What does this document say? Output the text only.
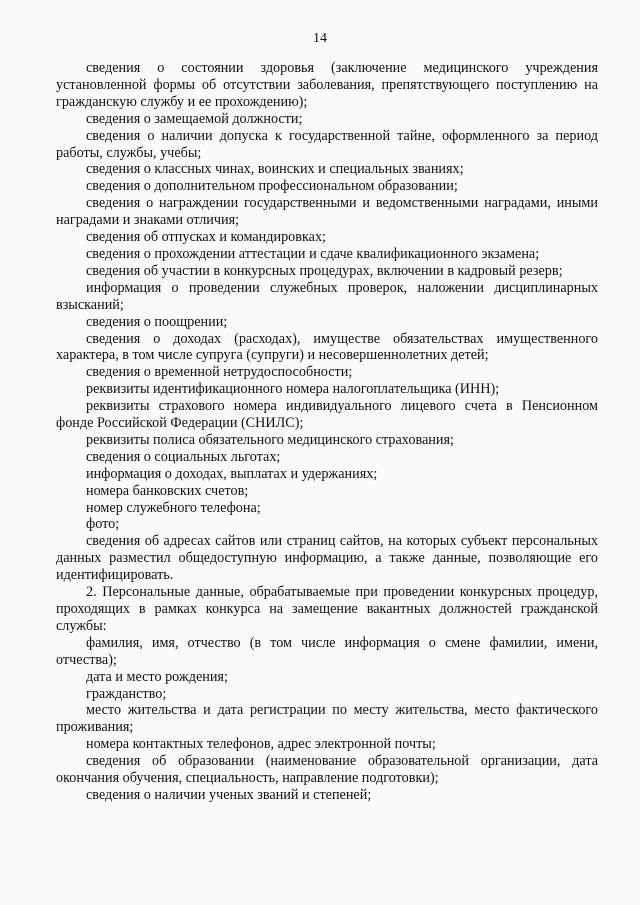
14

сведения о состоянии здоровья (заключение медицинского учреждения установленной формы об отсутствии заболевания, препятствующего поступлению на гражданскую службу и ее прохождению);

сведения о замещаемой должности;

сведения о наличии допуска к государственной тайне, оформленного за период работы, службы, учебы;

сведения о классных чинах, воинских и специальных званиях;

сведения о дополнительном профессиональном образовании;

сведения о награждении государственными и ведомственными наградами, иными наградами и знаками отличия;

сведения об отпусках и командировках;

сведения о прохождении аттестации и сдаче квалификационного экзамена;

сведения об участии в конкурсных процедурах, включении в кадровый резерв;

информация о проведении служебных проверок, наложении дисциплинарных взысканий;

сведения о поощрении;

сведения о доходах (расходах), имуществе обязательствах имущественного характера, в том числе супруга (супруги) и несовершеннолетних детей;

сведения о временной нетрудоспособности;

реквизиты идентификационного номера налогоплательщика (ИНН);

реквизиты страхового номера индивидуального лицевого счета в Пенсионном фонде Российской Федерации (СНИЛС);

реквизиты полиса обязательного медицинского страхования;

сведения о социальных льготах;

информация о доходах, выплатах и удержаниях;

номера банковских счетов;

номер служебного телефона;

фото;

сведения об адресах сайтов или страниц сайтов, на которых субъект персональных данных разместил общедоступную информацию, а также данные, позволяющие его идентифицировать.

2. Персональные данные, обрабатываемые при проведении конкурсных процедур, проходящих в рамках конкурса на замещение вакантных должностей гражданской службы:

фамилия, имя, отчество (в том числе информация о смене фамилии, имени, отчества);

дата и место рождения;

гражданство;

место жительства и дата регистрации по месту жительства, место фактического проживания;

номера контактных телефонов, адрес электронной почты;

сведения об образовании (наименование образовательной организации, дата окончания обучения, специальность, направление подготовки);

сведения о наличии ученых званий и степеней;
